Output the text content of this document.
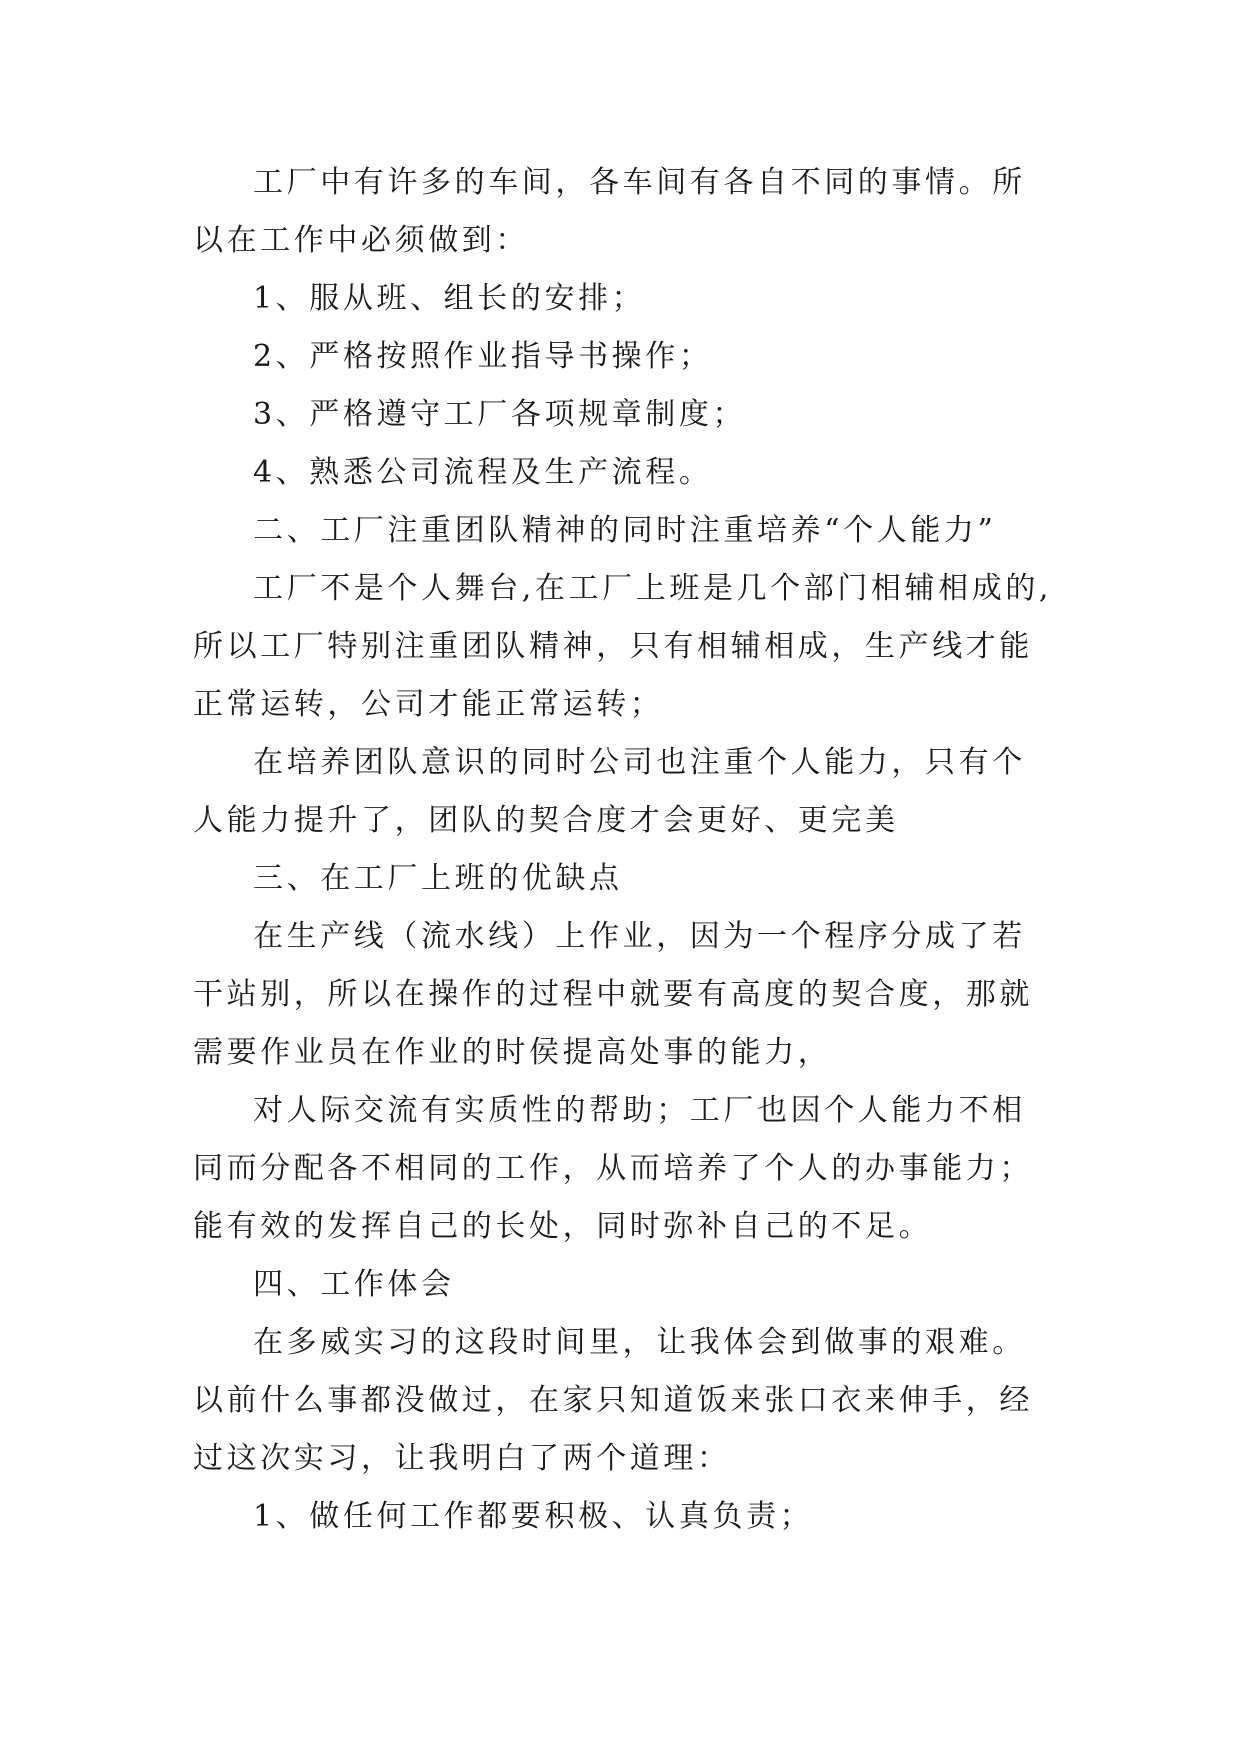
工厂中有许多的车间，各车间有各自不同的事情。所以在工作中必须做到：

1、服从班、组长的安排；

2、严格按照作业指导书操作；

3、严格遵守工厂各项规章制度；

4、熟悉公司流程及生产流程。

二、工厂注重团队精神的同时注重培养“个人能力”

工厂不是个人舞台,在工厂上班是几个部门相辅相成的,所以工厂特别注重团队精神，只有相辅相成，生产线才能正常运转，公司才能正常运转；

在培养团队意识的同时公司也注重个人能力，只有个人能力提升了，团队的契合度才会更好、更完美

三、在工厂上班的优缺点

在生产线（流水线）上作业，因为一个程序分成了若干站别，所以在操作的过程中就要有高度的契合度，那就需要作业员在作业的时侯提高处事的能力，

对人际交流有实质性的帮助；工厂也因个人能力不相同而分配各不相同的工作，从而培养了个人的办事能力；能有效的发挥自己的长处，同时弥补自己的不足。

四、工作体会

在多威实习的这段时间里，让我体会到做事的艰难。以前什么事都没做过，在家只知道饭来张口衣来伸手，经过这次实习，让我明白了两个道理：

1、做任何工作都要积极、认真负责；
